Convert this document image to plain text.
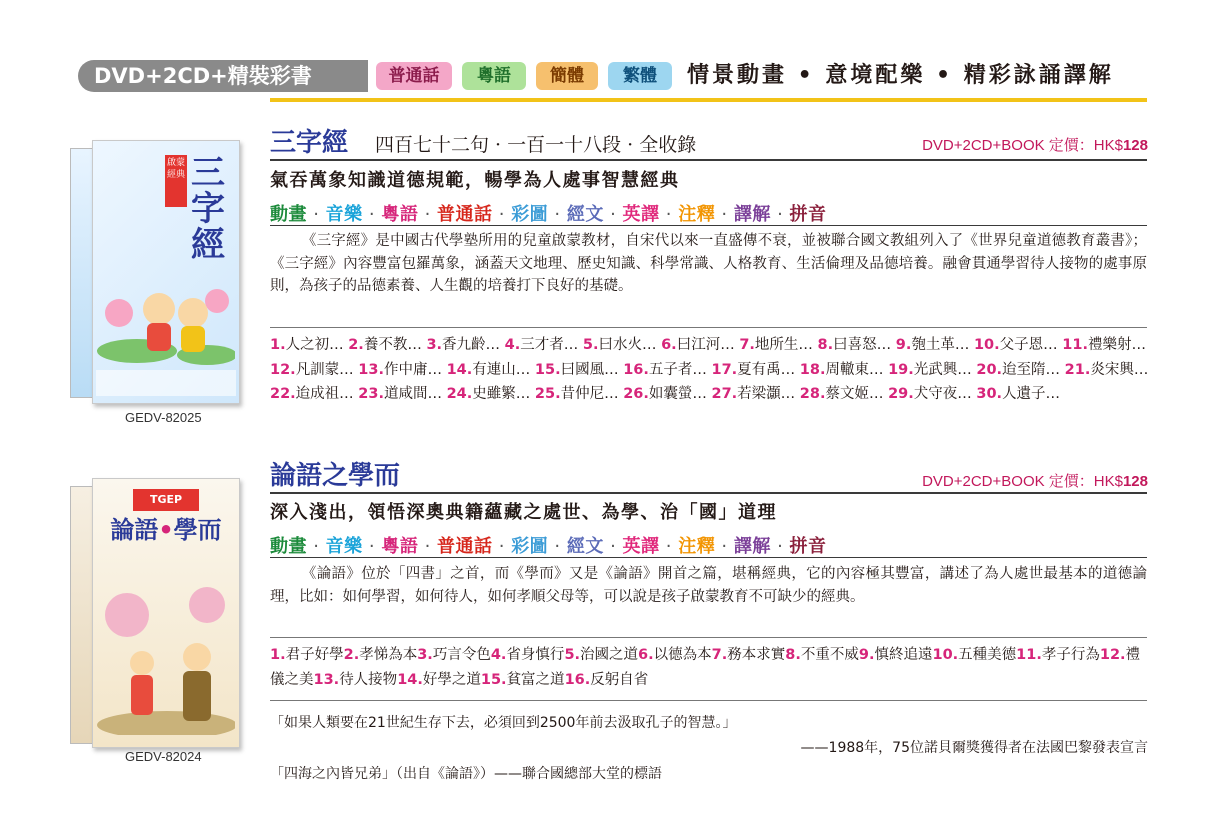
DVD+2CD+精裝彩書	普通話	粵語	簡體	繁體	情景動畫 • 意境配樂 • 精彩詠誦譯解
啟蒙經典 三
字
經
GEDV-82025
三字經 四百七十二句 · 一百一十八段 · 全收錄	DVD+2CD+BOOK 定價：HK$128
氣吞萬象知識道德規範，暢學為人處事智慧經典
動畫 · 音樂 · 粵語 · 普通話 · 彩圖 · 經文 · 英譯 · 注釋 · 譯解 · 拼音
《三字經》是中國古代學塾所用的兒童啟蒙教材，自宋代以來一直盛傳不衰，並被聯合國文教組列入了《世界兒童道德教育叢書》；《三字經》內容豐富包羅萬象，涵蓋天文地理、歷史知識、科學常識、人格教育、生活倫理及品德培養。融會貫通學習待人接物的處事原則，為孩子的品德素養、人生觀的培養打下良好的基礎。
1.人之初… 2.養不教… 3.香九齡… 4.三才者… 5.曰水火… 6.曰江河… 7.地所生… 8.曰喜怒… 9.匏土革… 10.父子恩… 11.禮樂射… 12.凡訓蒙… 13.作中庸… 14.有連山… 15.曰國風… 16.五子者… 17.夏有禹… 18.周轍東… 19.光武興… 20.迨至隋… 21.炎宋興… 22.迨成祖… 23.道咸間… 24.史雖繁… 25.昔仲尼… 26.如囊螢… 27.若梁灝… 28.蔡文姬… 29.犬守夜… 30.人遺子…
TGEP
論語•學而
GEDV-82024
論語之學而	DVD+2CD+BOOK 定價：HK$128
深入淺出，領悟深奧典籍蘊藏之處世、為學、治「國」道理
動畫 · 音樂 · 粵語 · 普通話 · 彩圖 · 經文 · 英譯 · 注釋 · 譯解 · 拼音
《論語》位於「四書」之首，而《學而》又是《論語》開首之篇，堪稱經典，它的內容極其豐富，講述了為人處世最基本的道德論理，比如：如何學習，如何待人，如何孝順父母等，可以說是孩子啟蒙教育不可缺少的經典。
1.君子好學2.孝悌為本3.巧言令色4.省身慎行5.治國之道6.以德為本7.務本求實8.不重不威9.慎終追遠10.五種美德11.孝子行為12.禮儀之美13.待人接物14.好學之道15.貧富之道16.反躬自省
「如果人類要在21世紀生存下去，必須回到2500年前去汲取孔子的智慧。」
——1988年，75位諾貝爾獎獲得者在法國巴黎發表宣言
「四海之內皆兄弟」（出自《論語》）——聯合國總部大堂的標語
